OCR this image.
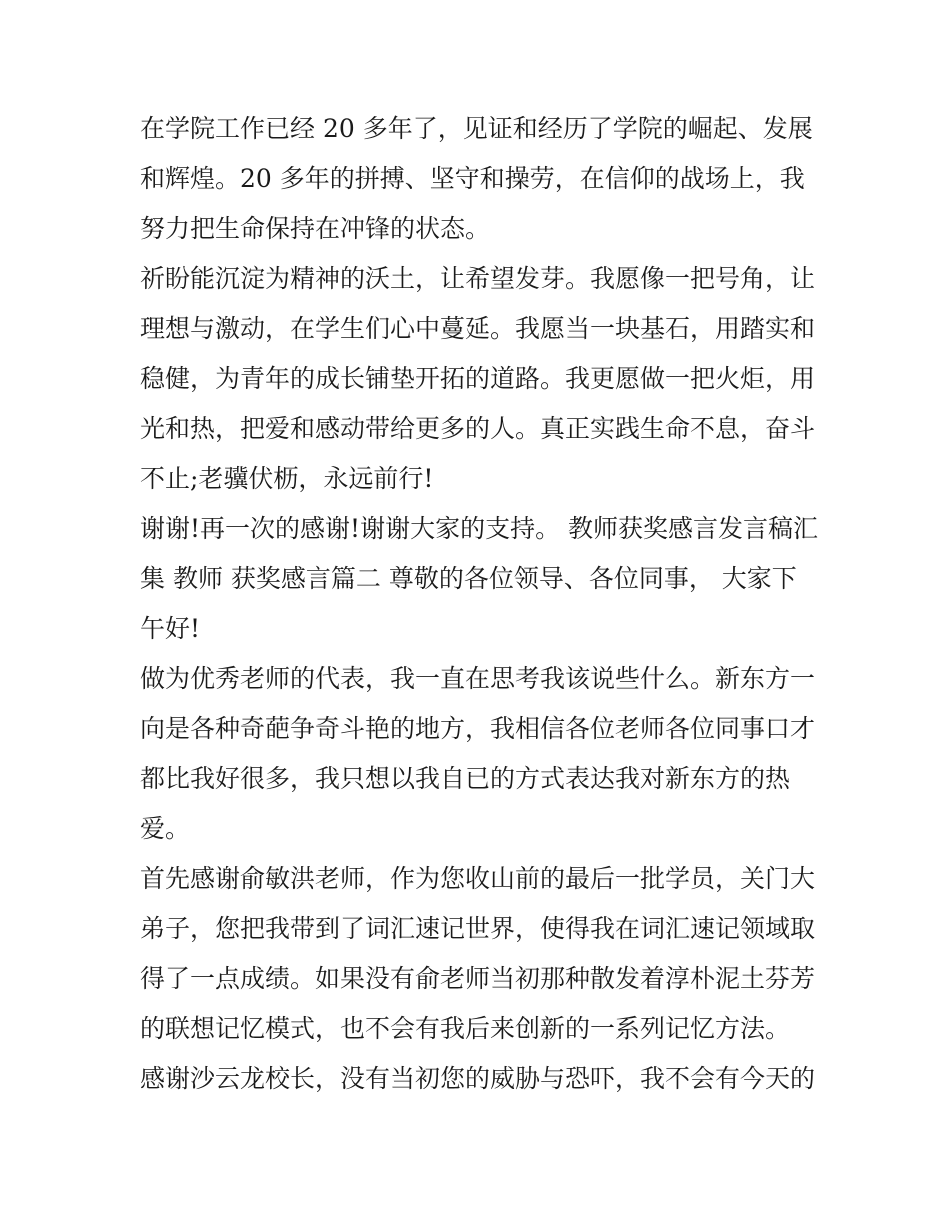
在学院工作已经 20 多年了，见证和经历了学院的崛起、发展
和辉煌。20 多年的拼搏、坚守和操劳，在信仰的战场上，我
努力把生命保持在冲锋的状态。
祈盼能沉淀为精神的沃土，让希望发芽。我愿像一把号角，让
理想与激动，在学生们心中蔓延。我愿当一块基石，用踏实和
稳健，为青年的成长铺垫开拓的道路。我更愿做一把火炬，用
光和热，把爱和感动带给更多的人。真正实践生命不息，奋斗
不止;老骥伏枥，永远前行!
谢谢!再一次的感谢!谢谢大家的支持。 教师获奖感言发言稿汇
集 教师 获奖感言篇二 尊敬的各位领导、各位同事， 大家下
午好!
做为优秀老师的代表，我一直在思考我该说些什么。新东方一
向是各种奇葩争奇斗艳的地方，我相信各位老师各位同事口才
都比我好很多，我只想以我自已的方式表达我对新东方的热
爱。
首先感谢俞敏洪老师，作为您收山前的最后一批学员，关门大
弟子，您把我带到了词汇速记世界，使得我在词汇速记领域取
得了一点成绩。如果没有俞老师当初那种散发着淳朴泥土芬芳
的联想记忆模式，也不会有我后来创新的一系列记忆方法。
感谢沙云龙校长，没有当初您的威胁与恐吓，我不会有今天的
